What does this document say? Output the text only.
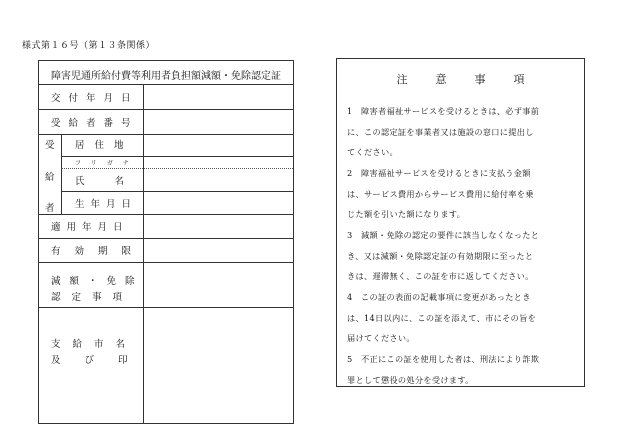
様式第１６号（第１３条関係）
障害児通所給付費等利用者負担額減額・免除認定証
交付年月日
受給者番号
受
給
者
居住地
フリガナ
氏名
生年月日
適用年月日
有効期限
減額・免除
認定事項
支給市名
及び印
注	意	事	項
1　 障害者福祉サービスを受けるときは、必ず事前
に、この認定証を事業者又は施設の窓口に提出し
てください。
2　 障害福祉サービスを受けるときに支払う金額
は、サービス費用からサービス費用に給付率を乗
じた額を引いた額になります。
3　 減額・免除の認定の要件に該当しなくなったと
き、又は減額・免除認定証の有効期限に至ったと
きは、遅滞無く、この証を市に返してください。
4　 この証の表面の記載事項に変更があったとき
は、14日以内に、この証を添えて、市にその旨を
届けてください。
5　 不正にこの証を使用した者は、刑法により詐欺
罪として懲役の処分を受けます。
